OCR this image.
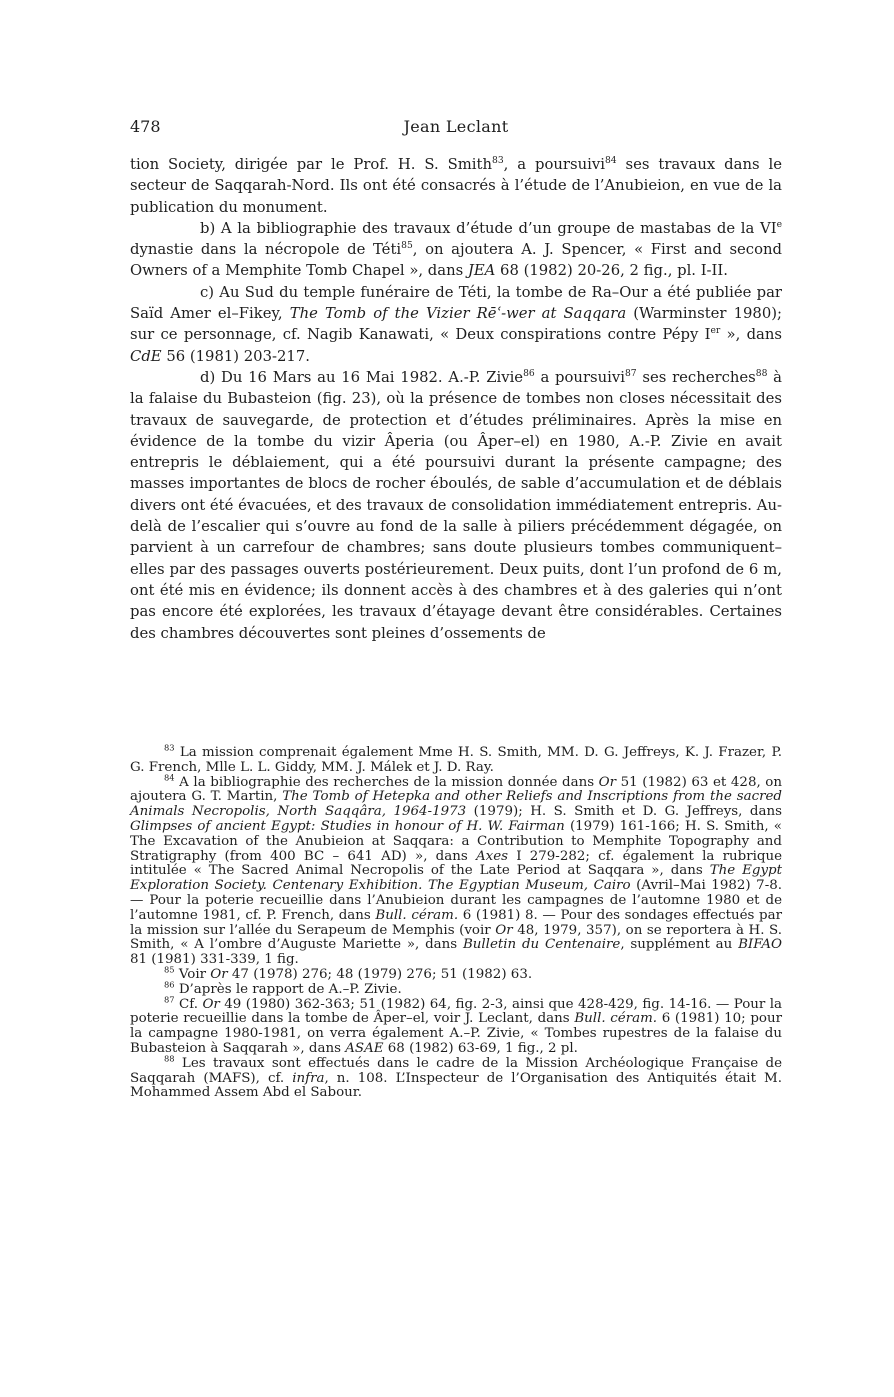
478	Jean Leclant

tion Society, dirigée par le Prof. H. S. Smith$^{83}$, a poursuivi$^{84}$ ses travaux dans le secteur de Saqqarah-Nord. Ils ont été consacrés à l’étude de l’Anubieion, en vue de la publication du monument.

b) A la bibliographie des travaux d’étude d’un groupe de mastabas de la VIe dynastie dans la nécropole de Téti$^{85}$, on ajoutera A. J. Spencer, « First and second Owners of a Memphite Tomb Chapel », dans JEA 68 (1982) 20-26, 2 fig., pl. I-II.

c) Au Sud du temple funéraire de Téti, la tombe de Ra–Our a été publiée par Saïd Amer el–Fikey, The Tomb of the Vizier Rēʿ-wer at Saqqara (Warminster 1980); sur ce personnage, cf. Nagib Kanawati, « Deux conspirations contre Pépy Ier », dans CdE 56 (1981) 203-217.

d) Du 16 Mars au 16 Mai 1982. A.-P. Zivie$^{86}$ a poursuivi$^{87}$ ses recherches$^{88}$ à la falaise du Bubasteion (fig. 23), où la présence de tombes non closes nécessitait des travaux de sauvegarde, de protection et d’études préliminaires. Après la mise en évidence de la tombe du vizir Âperia (ou Âper–el) en 1980, A.-P. Zivie en avait entrepris le déblaiement, qui a été poursuivi durant la présente campagne; des masses importantes de blocs de rocher éboulés, de sable d’accumulation et de déblais divers ont été évacuées, et des travaux de consolidation immédiatement entrepris. Au-delà de l’escalier qui s’ouvre au fond de la salle à piliers précédemment dégagée, on parvient à un carrefour de chambres; sans doute plusieurs tombes communiquent–elles par des passages ouverts postérieurement. Deux puits, dont l’un profond de 6 m, ont été mis en évidence; ils donnent accès à des chambres et à des galeries qui n’ont pas encore été explorées, les travaux d’étayage devant être considérables. Certaines des chambres découvertes sont pleines d’ossements de

$^{83}$ La mission comprenait également Mme H. S. Smith, MM. D. G. Jeffreys, K. J. Frazer, P. G. French, Mlle L. L. Giddy, MM. J. Málek et J. D. Ray.

$^{84}$ A la bibliographie des recherches de la mission donnée dans Or 51 (1982) 63 et 428, on ajoutera G. T. Martin, The Tomb of Hetepka and other Reliefs and Inscriptions from the sacred Animals Necropolis, North Saqqâra, 1964-1973 (1979); H. S. Smith et D. G. Jeffreys, dans Glimpses of ancient Egypt: Studies in honour of H. W. Fairman (1979) 161-166; H. S. Smith, « The Excavation of the Anubieion at Saqqara: a Contribution to Memphite Topography and Stratigraphy (from 400 BC – 641 AD) », dans Axes I 279-282; cf. également la rubrique intitulée « The Sacred Animal Necropolis of the Late Period at Saqqara », dans The Egypt Exploration Society. Centenary Exhibition. The Egyptian Museum, Cairo (Avril–Mai 1982) 7-8. — Pour la poterie recueillie dans l’Anubieion durant les campagnes de l’automne 1980 et de l’automne 1981, cf. P. French, dans Bull. céram. 6 (1981) 8. — Pour des sondages effectués par la mission sur l’allée du Serapeum de Memphis (voir Or 48, 1979, 357), on se reportera à H. S. Smith, « A l’ombre d’Auguste Mariette », dans Bulletin du Centenaire, supplément au BIFAO 81 (1981) 331-339, 1 fig.

$^{85}$ Voir Or 47 (1978) 276; 48 (1979) 276; 51 (1982) 63.

$^{86}$ D’après le rapport de A.–P. Zivie.

$^{87}$ Cf. Or 49 (1980) 362-363; 51 (1982) 64, fig. 2-3, ainsi que 428-429, fig. 14-16. — Pour la poterie recueillie dans la tombe de Âper–el, voir J. Leclant, dans Bull. céram. 6 (1981) 10; pour la campagne 1980-1981, on verra également A.–P. Zivie, « Tombes rupestres de la falaise du Bubasteion à Saqqarah », dans ASAE 68 (1982) 63-69, 1 fig., 2 pl.

$^{88}$ Les travaux sont effectués dans le cadre de la Mission Archéologique Française de Saqqarah (MAFS), cf. infra, n. 108. L’Inspecteur de l’Organisation des Antiquités était M. Mohammed Assem Abd el Sabour.
